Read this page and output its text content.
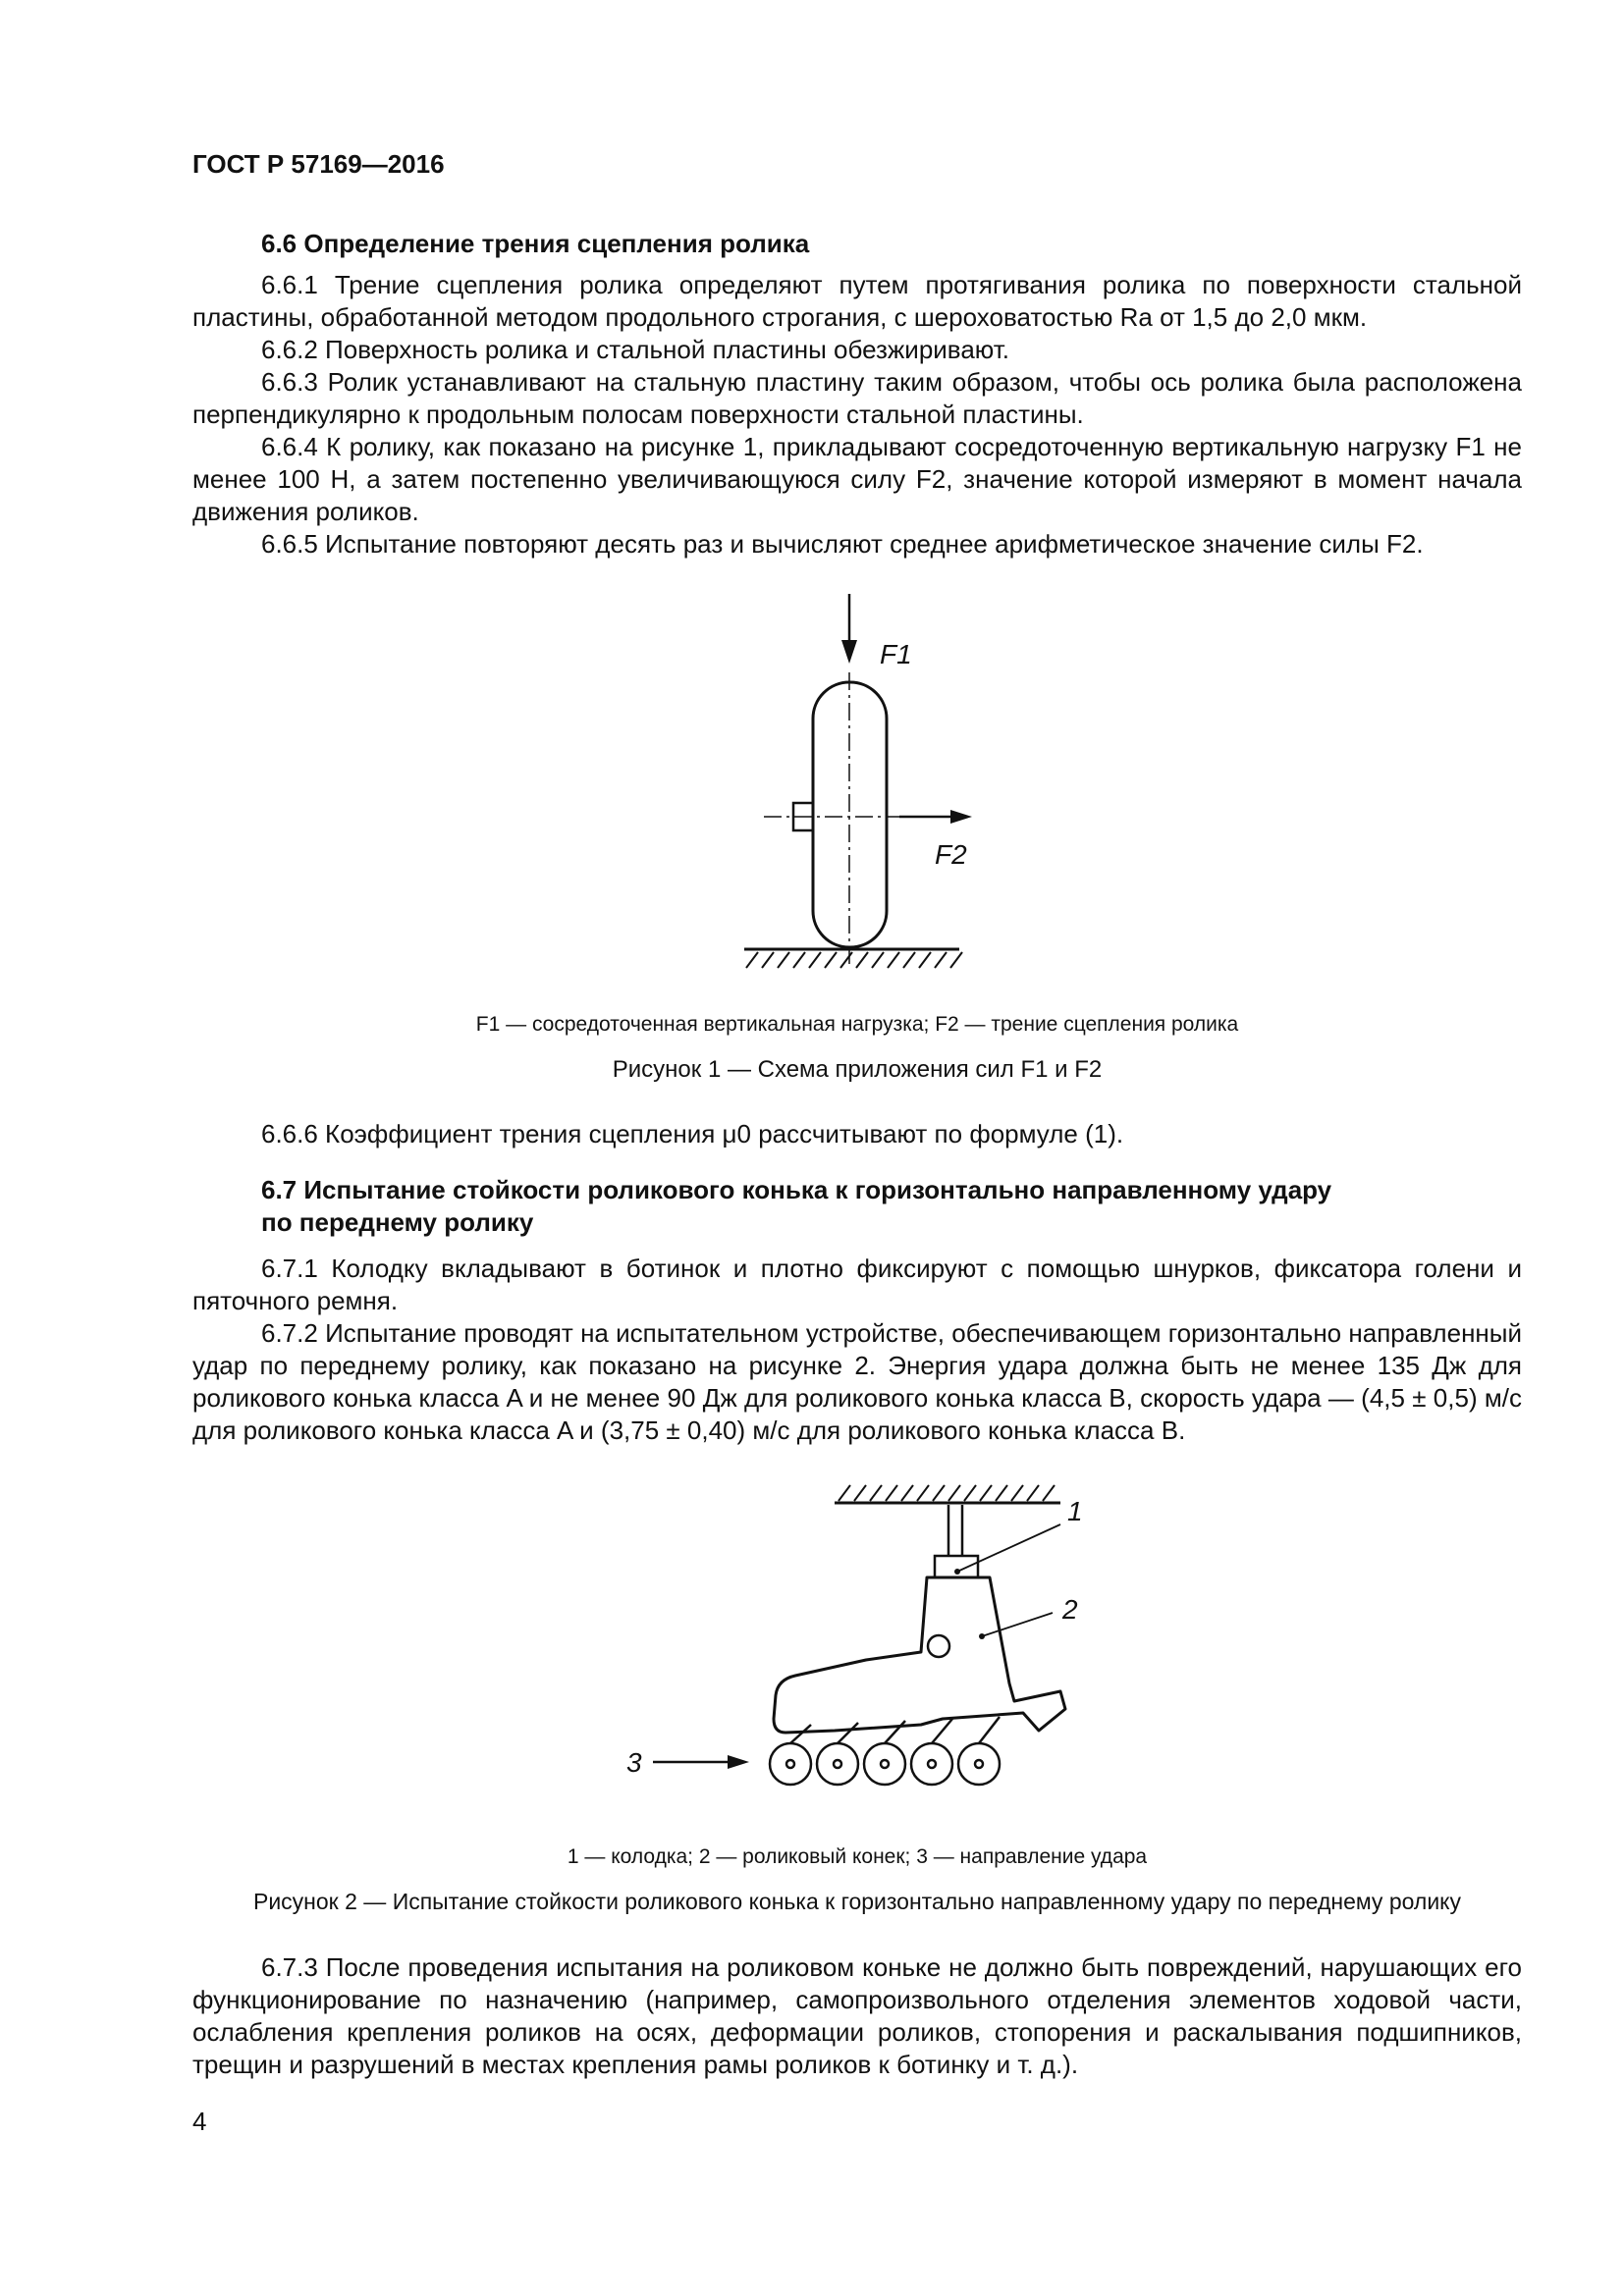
ГОСТ Р 57169—2016
6.6 Определение трения сцепления ролика
6.6.1 Трение сцепления ролика определяют путем протягивания ролика по поверхности стальной пластины, обработанной методом продольного строгания, с шероховатостью Ra от 1,5 до 2,0 мкм.
6.6.2 Поверхность ролика и стальной пластины обезжиривают.
6.6.3 Ролик устанавливают на стальную пластину таким образом, чтобы ось ролика была расположена перпендикулярно к продольным полосам поверхности стальной пластины.
6.6.4 К ролику, как показано на рисунке 1, прикладывают сосредоточенную вертикальную нагрузку F1 не менее 100 Н, а затем постепенно увеличивающуюся силу F2, значение которой измеряют в момент начала движения роликов.
6.6.5 Испытание повторяют десять раз и вычисляют среднее арифметическое значение силы F2.
F1
F2
F1 — сосредоточенная вертикальная нагрузка; F2 — трение сцепления ролика
Рисунок 1 — Схема приложения сил F1 и F2
6.6.6 Коэффициент трения сцепления μ0 рассчитывают по формуле (1).
6.7 Испытание стойкости роликового конька к горизонтально направленному удару
по переднему ролику
6.7.1 Колодку вкладывают в ботинок и плотно фиксируют с помощью шнурков, фиксатора голени и пяточного ремня.
6.7.2 Испытание проводят на испытательном устройстве, обеспечивающем горизонтально направленный удар по переднему ролику, как показано на рисунке 2. Энергия удара должна быть не менее 135 Дж для роликового конька класса A и не менее 90 Дж для роликового конька класса B, скорость удара — (4,5 ± 0,5) м/с для роликового конька класса A и (3,75 ± 0,40) м/с для роликового конька класса B.
1
2
3
1 — колодка; 2 — роликовый конек; 3 — направление удара
Рисунок 2 — Испытание стойкости роликового конька к горизонтально направленному удару по переднему ролику
6.7.3 После проведения испытания на роликовом коньке не должно быть повреждений, нарушающих его функционирование по назначению (например, самопроизвольного отделения элементов ходовой части, ослабления крепления роликов на осях, деформации роликов, стопорения и раскалывания подшипников, трещин и разрушений в местах крепления рамы роликов к ботинку и т. д.).
4
